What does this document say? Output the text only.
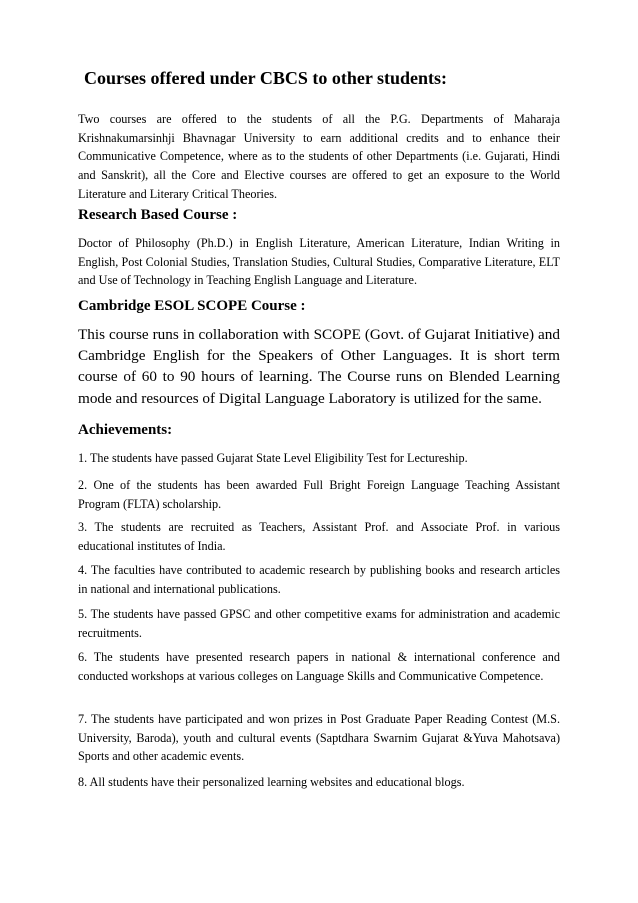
Courses offered under CBCS to other students:

Two courses are offered to the students of all the P.G. Departments of Maharaja Krishnakumarsinhji Bhavnagar University to earn additional credits and to enhance their Communicative Competence, where as to the students of other Departments (i.e. Gujarati, Hindi and Sanskrit), all the Core and Elective courses are offered to get an exposure to the World Literature and Literary Critical Theories.

Research Based Course :

Doctor of Philosophy (Ph.D.) in English Literature, American Literature, Indian Writing in English, Post Colonial Studies, Translation Studies, Cultural Studies, Comparative Literature, ELT and Use of Technology in Teaching English Language and Literature.

Cambridge ESOL SCOPE Course :

This course runs in collaboration with SCOPE (Govt. of Gujarat Initiative) and Cambridge English for the Speakers of Other Languages. It is short term course of 60 to 90 hours of learning. The Course runs on Blended Learning mode and resources of Digital Language Laboratory is utilized for the same.

Achievements:

1. The students have passed Gujarat State Level Eligibility Test for Lectureship.

2. One of the students has been awarded Full Bright Foreign Language Teaching Assistant Program (FLTA) scholarship.

3. The students are recruited as Teachers, Assistant Prof. and Associate Prof. in various educational institutes of India.

4. The faculties have contributed to academic research by publishing books and research articles in national and international publications.

5. The students have passed GPSC and other competitive exams for administration and academic recruitments.

6. The students have presented research papers in national & international conference and conducted workshops at various colleges on Language Skills and Communicative Competence.

7. The students have participated and won prizes in Post Graduate Paper Reading Contest (M.S. University, Baroda), youth and cultural events (Saptdhara Swarnim Gujarat &Yuva Mahotsava) Sports and other academic events.

8. All students have their personalized learning websites and educational blogs.
